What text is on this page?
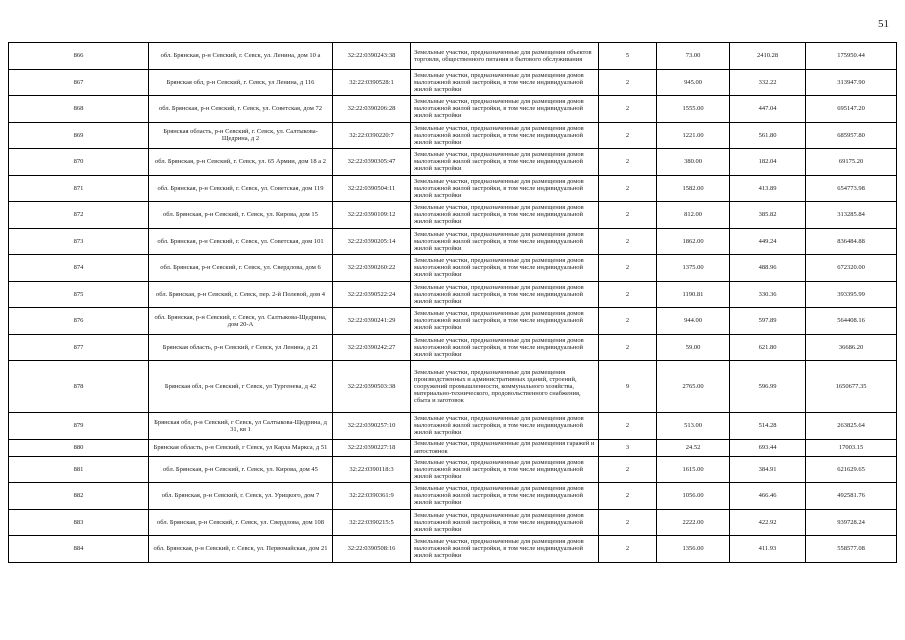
51
866	обл. Брянская, р-н Севский, г. Севск, ул. Ленина, дом 10 а	32:22:0390243:38	Земельные участки, предназначенные для размещения объектов торговли, общественного питания и бытового обслуживания	5	73.00	2410.28	175950.44
867	Брянская обл, р-н Севский, г. Севск, ул Ленина, д 116	32:22:0390528:1	Земельные участки, предназначенные для размещения домов малоэтажной жилой застройки, в том числе индивидуальной жилой застройки	2	945.00	332.22	313947.90
868	обл. Брянская, р-н Севский, г. Севск, ул. Советская, дом 72	32:22:0390206:28	Земельные участки, предназначенные для размещения домов малоэтажной жилой застройки, в том числе индивидуальной жилой застройки	2	1555.00	447.04	695147.20
869	Брянская область, р-н Севский, г. Севск, ул. Салтыкова-Щедрина, д 2	32:22:0390220:7	Земельные участки, предназначенные для размещения домов малоэтажной жилой застройки, в том числе индивидуальной жилой застройки	2	1221.00	561.80	685957.80
870	обл. Брянская, р-н Севский, г. Севск, ул. 65 Армии, дом 18 а 2	32:22:0390305:47	Земельные участки, предназначенные для размещения домов малоэтажной жилой застройки, в том числе индивидуальной жилой застройки	2	380.00	182.04	69175.20
871	обл. Брянская, р-н Севский, г. Севск, ул. Советская, дом 119	32:22:0390504:11	Земельные участки, предназначенные для размещения домов малоэтажной жилой застройки, в том числе индивидуальной жилой застройки	2	1582.00	413.89	654773.98
872	обл. Брянская, р-н Севский, г. Севск, ул. Кирова, дом 15	32:22:0390109:12	Земельные участки, предназначенные для размещения домов малоэтажной жилой застройки, в том числе индивидуальной жилой застройки	2	812.00	385.82	313285.84
873	обл. Брянская, р-н Севский, г. Севск, ул. Советская, дом 101	32:22:0390205:14	Земельные участки, предназначенные для размещения домов малоэтажной жилой застройки, в том числе индивидуальной жилой застройки	2	1862.00	449.24	836484.88
874	обл. Брянская, р-н Севский, г. Севск, ул. Свердлова, дом 6	32:22:0390260:22	Земельные участки, предназначенные для размещения домов малоэтажной жилой застройки, в том числе индивидуальной жилой застройки	2	1375.00	488.96	672320.00
875	обл. Брянская, р-н Севский, г. Севск, пер. 2-й Полевой, дом 4	32:22:0390522:24	Земельные участки, предназначенные для размещения домов малоэтажной жилой застройки, в том числе индивидуальной жилой застройки	2	1190.81	330.36	393395.99
876	обл. Брянская, р-н Севский, г. Севск, ул. Салтыкова-Щедрина, дом 20-А	32:22:0390241:29	Земельные участки, предназначенные для размещения домов малоэтажной жилой застройки, в том числе индивидуальной жилой застройки	2	944.00	597.89	564408.16
877	Брянская область, р-н Севский, г Севск, ул Ленина, д 21	32:22:0390242:27	Земельные участки, предназначенные для размещения домов малоэтажной жилой застройки, в том числе индивидуальной жилой застройки	2	59.00	621.80	36686.20
878	Брянская обл, р-н Севский, г Севск, ул Тургенева, д 42	32:22:0390503:38	Земельные участки, предназначенные для размещения производственных и административных зданий, строений, сооружений промышленности, коммунального хозяйства, материально-технического, продовольственного снабжения, сбыта и заготовок	9	2765.00	596.99	1650677.35
879	Брянская обл, р-н Севский, г Севск, ул Салтыкова-Щедрина, д 31, кв 1	32:22:0390257:10	Земельные участки, предназначенные для размещения домов малоэтажной жилой застройки, в том числе индивидуальной жилой застройки	2	513.00	514.28	263825.64
880	Брянская область, р-н Севский, г Севск, ул Карла Маркса, д 51	32:22:0390227:18	Земельные участки, предназначенные для размещения гаражей и автостоянок	3	24.52	693.44	17003.15
881	обл. Брянская, р-н Севский, г. Севск, ул. Кирова, дом 45	32:22:0390118:3	Земельные участки, предназначенные для размещения домов малоэтажной жилой застройки, в том числе индивидуальной жилой застройки	2	1615.00	384.91	621629.65
882	обл. Брянская, р-н Севский, г. Севск, ул. Урицкого, дом 7	32:22:0390361:9	Земельные участки, предназначенные для размещения домов малоэтажной жилой застройки, в том числе индивидуальной жилой застройки	2	1056.00	466.46	492581.76
883	обл. Брянская, р-н Севский, г. Севск, ул. Свердлова, дом 108	32:22:0390215:5	Земельные участки, предназначенные для размещения домов малоэтажной жилой застройки, в том числе индивидуальной жилой застройки	2	2222.00	422.92	939728.24
884	обл. Брянская, р-н Севский, г. Севск, ул. Первомайская, дом 21	32:22:0390508:16	Земельные участки, предназначенные для размещения домов малоэтажной жилой застройки, в том числе индивидуальной жилой застройки	2	1356.00	411.93	558577.08
